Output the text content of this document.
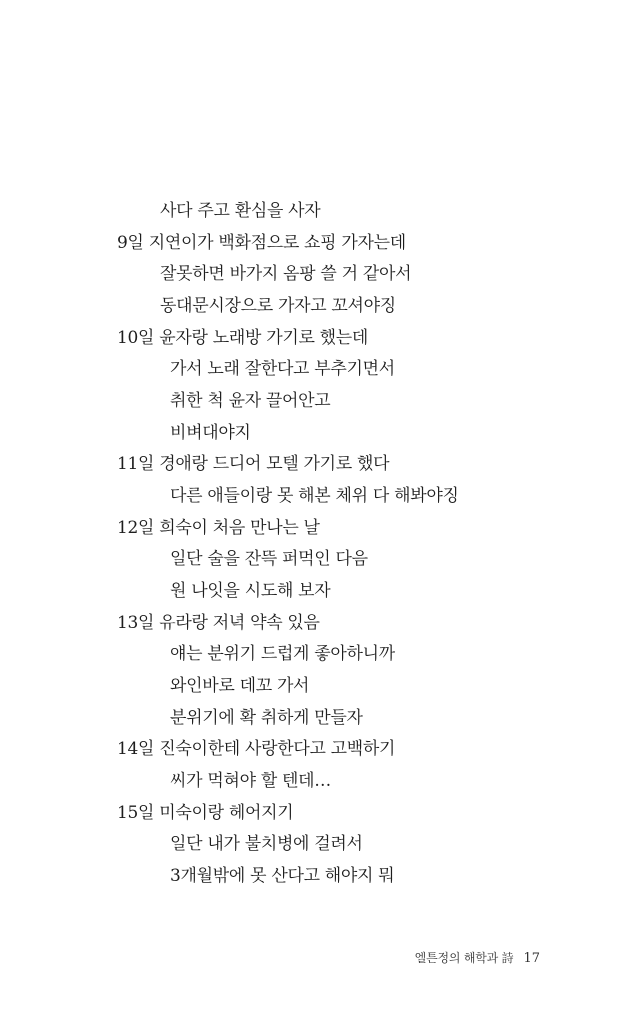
사다 주고 환심을 사자
9일 지연이가 백화점으로 쇼핑 가자는데
잘못하면 바가지 옴팡 쓸 거 같아서
동대문시장으로 가자고 꼬셔야징
10일 윤자랑 노래방 가기로 했는데
가서 노래 잘한다고 부추기면서
취한 척 윤자 끌어안고
비벼대야지
11일 경애랑 드디어 모텔 가기로 했다
다른 애들이랑 못 해본 체위 다 해봐야징
12일 희숙이 처음 만나는 날
일단 술을 잔뜩 퍼먹인 다음
원 나잇을 시도해 보자
13일 유라랑 저녁 약속 있음
얘는 분위기 드럽게 좋아하니까
와인바로 데꼬 가서
분위기에 확 취하게 만들자
14일 진숙이한테 사랑한다고 고백하기
씨가 먹혀야 할 텐데…
15일 미숙이랑 헤어지기
일단 내가 불치병에 걸려서
3개월밖에 못 산다고 해야지 뭐
엘튼정의 해학과 詩 17
